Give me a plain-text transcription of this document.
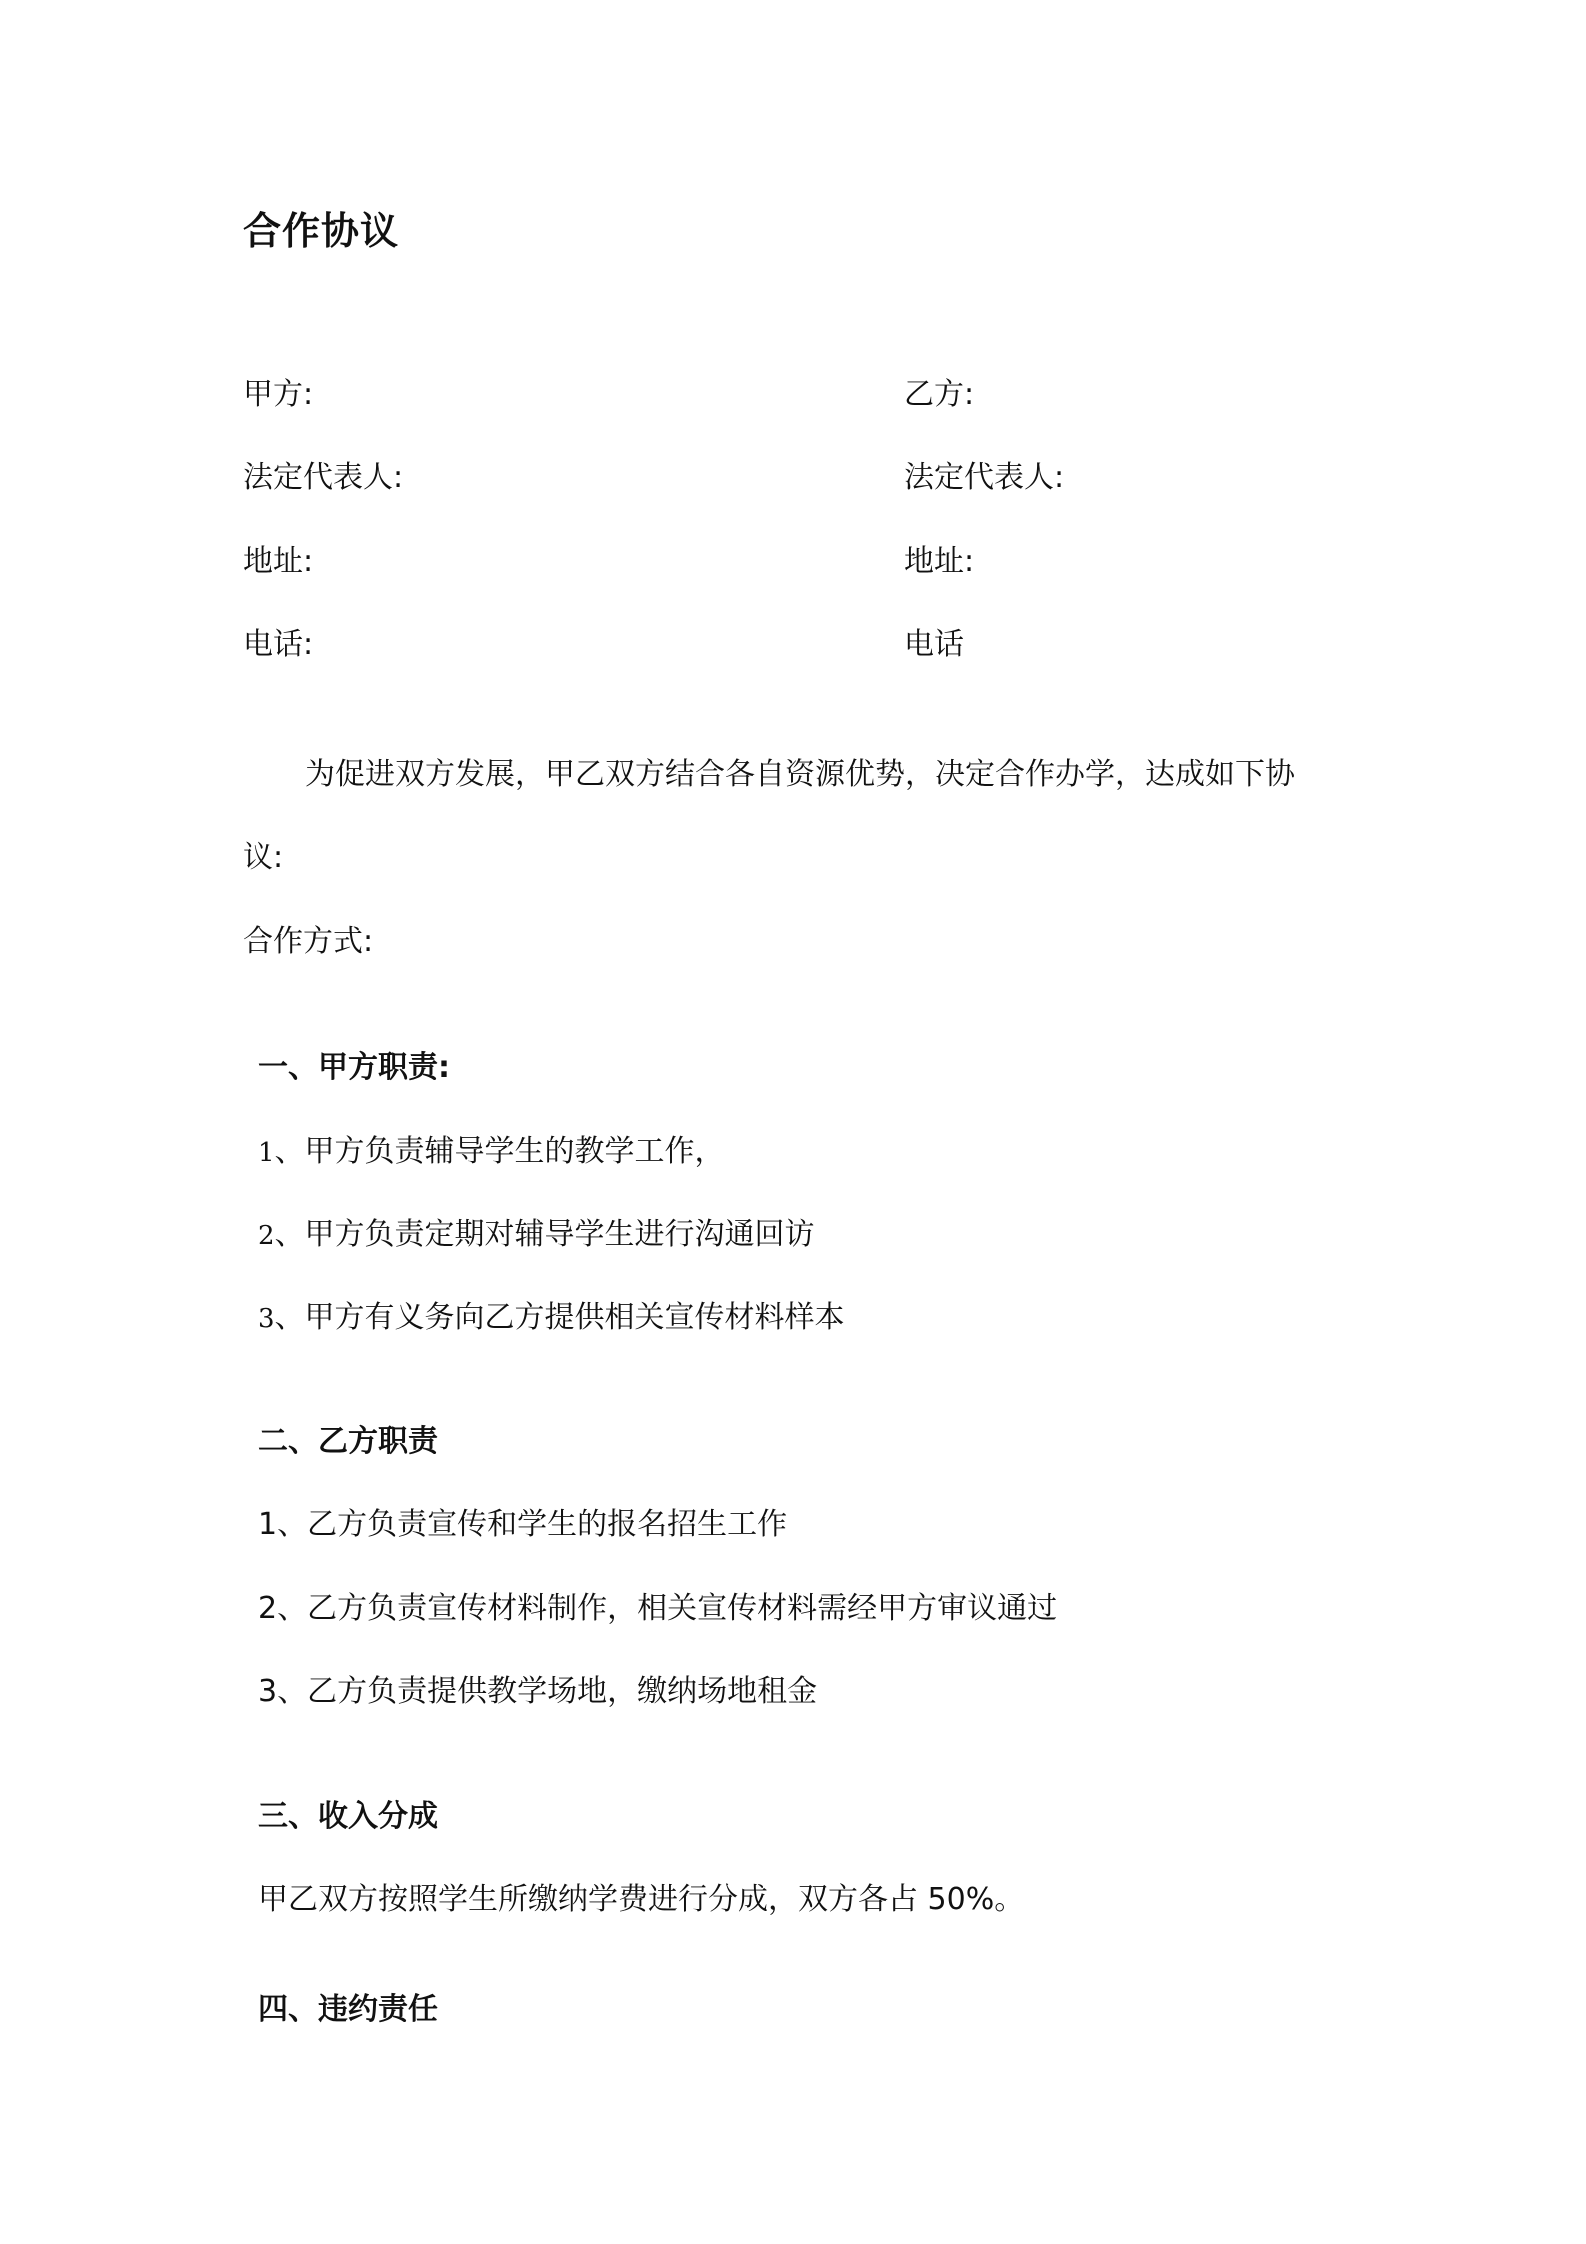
合作协议
甲方:
法定代表人:
地址:
电话:
乙方:
法定代表人:
地址:
电话
为促进双方发展，甲乙双方结合各自资源优势，决定合作办学，达成如下协
议:
合作方式:
一、甲方职责:
1、甲方负责辅导学生的教学工作，
2、甲方负责定期对辅导学生进行沟通回访
3、甲方有义务向乙方提供相关宣传材料样本
二、乙方职责
1、乙方负责宣传和学生的报名招生工作
2、乙方负责宣传材料制作，相关宣传材料需经甲方审议通过
3、乙方负责提供教学场地，缴纳场地租金
三、收入分成
甲乙双方按照学生所缴纳学费进行分成，双方各占 50%。
四、违约责任
